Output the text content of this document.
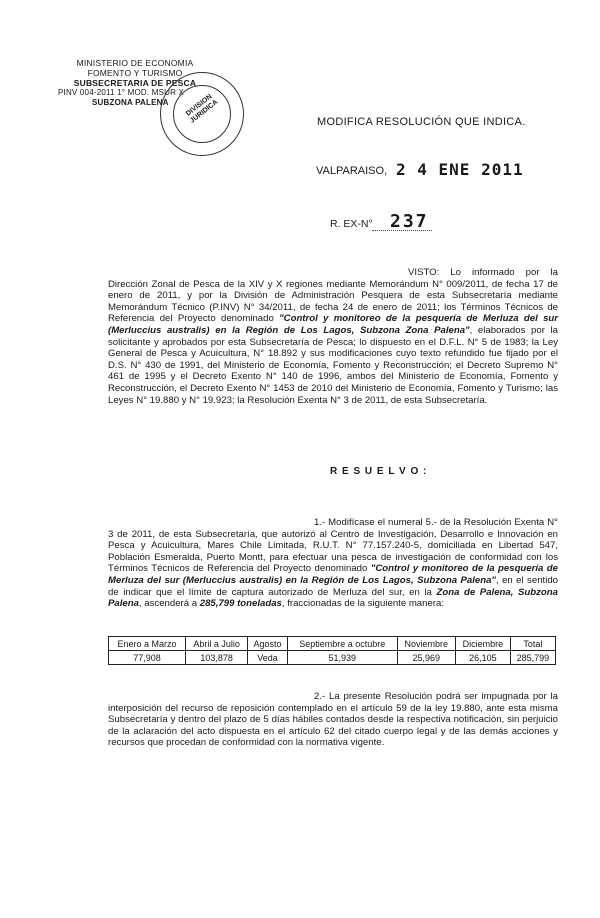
MINISTERIO DE ECONOMIA
FOMENTO Y TURISMO
SUBSECRETARIA DE PESCA
PINV 004-2011 1° MOD. MSUR X
SUBZONA PALENA	DIVISION JURIDICA	MODIFICA RESOLUCIÓN QUE INDICA.
VALPARAISO, 2 4 ENE 2011
R. EX-N° 237
VISTO: Lo informado por la Dirección Zonal de Pesca de la XIV y X regiones mediante Memorándum N° 009/2011, de fecha 17 de enero de 2011, y por la División de Administración Pesquera de esta Subsecretaría mediante Memorándum Técnico (P.INV) N° 34/2011, de fecha 24 de enero de 2011; los Términos Técnicos de Referencia del Proyecto denominado "Control y monitoreo de la pesquería de Merluza del sur (Merluccius australis) en la Región de Los Lagos, Subzona Zona Palena", elaborados por la solicitante y aprobados por esta Subsecretaría de Pesca; lo dispuesto en el D.F.L. N° 5 de 1983; la Ley General de Pesca y Acuicultura, N° 18.892 y sus modificaciones cuyo texto refundido fue fijado por el D.S. N° 430 de 1991, del Ministerio de Economía, Fomento y Reconstrucción; el Decreto Supremo N° 461 de 1995 y el Decreto Exento N° 140 de 1996, ambos del Ministerio de Economía, Fomento y Reconstrucción, el Decreto Exento N° 1453 de 2010 del Ministerio de Economía, Fomento y Turismo; las Leyes N° 19.880 y N° 19.923; la Resolución Exenta N° 3 de 2011, de esta Subsecretaría.
R E S U E L V O :
1.- Modifícase el numeral 5.- de la Resolución Exenta N° 3 de 2011, de esta Subsecretaría, que autorizó al Centro de Investigación, Desarrollo e Innovación en Pesca y Acuicultura, Mares Chile Limitada, R.U.T. N° 77.157.240-5, domiciliada en Libertad 547, Población Esmeralda, Puerto Montt, para efectuar una pesca de investigación de conformidad con los Términos Técnicos de Referencia del Proyecto denominado "Control y monitoreo de la pesquería de Merluza del sur (Merluccius australis) en la Región de Los Lagos, Subzona Palena", en el sentido de indicar que el límite de captura autorizado de Merluza del sur, en la Zona de Palena, Subzona Palena, ascenderá a 285,799 toneladas, fraccionadas de la siguiente manera:
Enero a Marzo	Abril a Julio	Agosto	Septiembre a octubre	Noviembre	Diciembre	Total
77,908	103,878	Veda	51,939	25,969	26,105	285,799
2.- La presente Resolución podrá ser impugnada por la interposición del recurso de reposición contemplado en el artículo 59 de la ley 19.880, ante esta misma Subsecretaría y dentro del plazo de 5 días hábiles contados desde la respectiva notificación, sin perjuicio de la aclaración del acto dispuesta en el artículo 62 del citado cuerpo legal y de las demás acciones y recursos que procedan de conformidad con la normativa vigente.
